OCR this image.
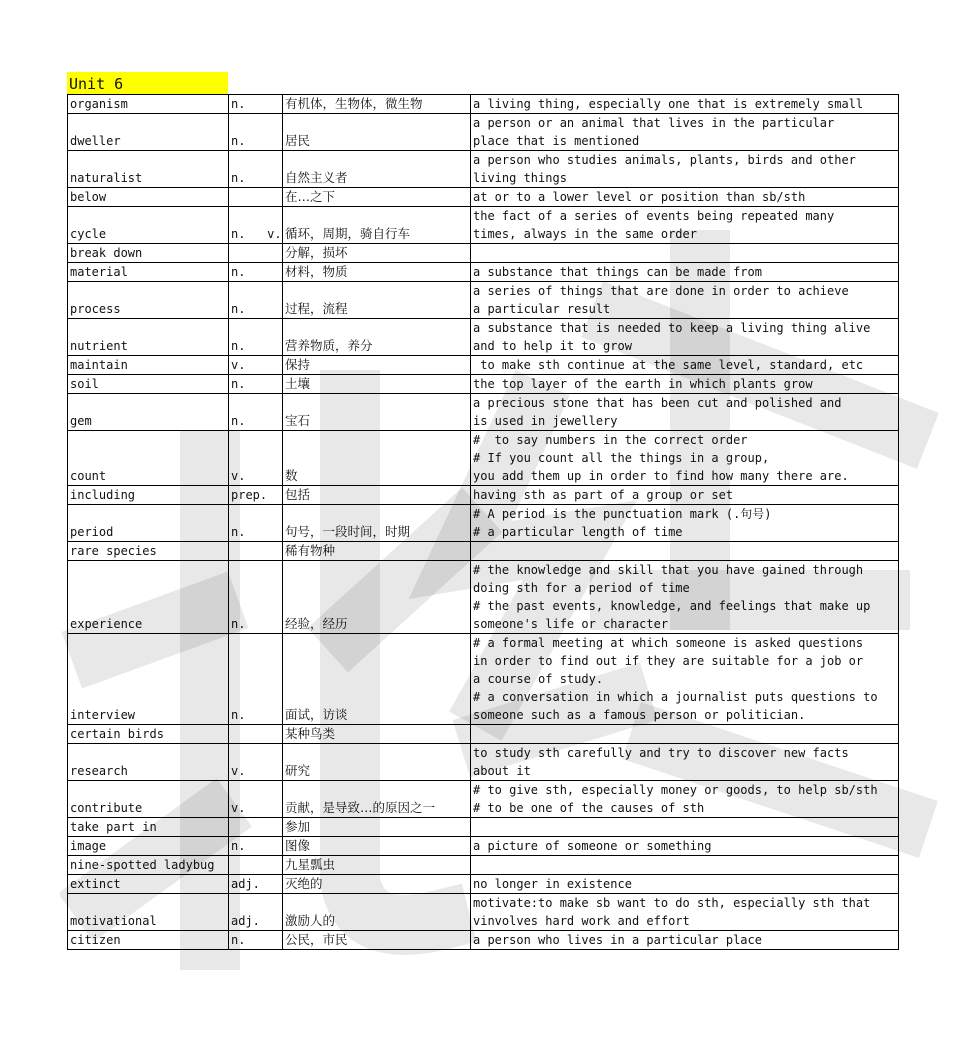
Unit 6
organism	n.	有机体，生物体，微生物	a living thing, especially one that is extremely small
dweller	n.	居民	a person or an animal that lives in the particular
place that is mentioned
naturalist	n.	自然主义者	a person who studies animals, plants, birds and other
living things
below		在…之下	at or to a lower level or position than sb/sth
cycle	n.   v.	循环，周期，骑自行车	the fact of a series of events being repeated many
times, always in the same order
break down		分解，损坏	
material	n.	材料，物质	a substance that things can be made from
process	n.	过程，流程	a series of things that are done in order to achieve
a particular result
nutrient	n.	营养物质，养分	a substance that is needed to keep a living thing alive
and to help it to grow
maintain	v.	保持	to make sth continue at the same level, standard, etc
soil	n.	土壤	the top layer of the earth in which plants grow
gem	n.	宝石	a precious stone that has been cut and polished and
is used in jewellery
count	v.	数	#  to say numbers in the correct order
# If you count all the things in a group,
you add them up in order to find how many there are.
including	prep.	包括	having sth as part of a group or set
period	n.	句号，一段时间，时期	# A period is the punctuation mark (.句号)
# a particular length of time
rare species		稀有物种	
experience	n.	经验，经历	# the knowledge and skill that you have gained through
doing sth for a period of time
# the past events, knowledge, and feelings that make up
someone's life or character
interview	n.	面试，访谈	# a formal meeting at which someone is asked questions
in order to find out if they are suitable for a job or
a course of study.
# a conversation in which a journalist puts questions to
someone such as a famous person or politician.
certain birds		某种鸟类	
research	v.	研究	to study sth carefully and try to discover new facts
about it
contribute	v.	贡献，是导致…的原因之一	# to give sth, especially money or goods, to help sb/sth
# to be one of the causes of sth
take part in		参加	
image	n.	图像	a picture of someone or something
nine-spotted ladybug		九星瓢虫	
extinct	adj.	灭绝的	no longer in existence
motivational	adj.	激励人的	motivate:to make sb want to do sth, especially sth that
vinvolves hard work and effort
citizen	n.	公民，市民	a person who lives in a particular place
